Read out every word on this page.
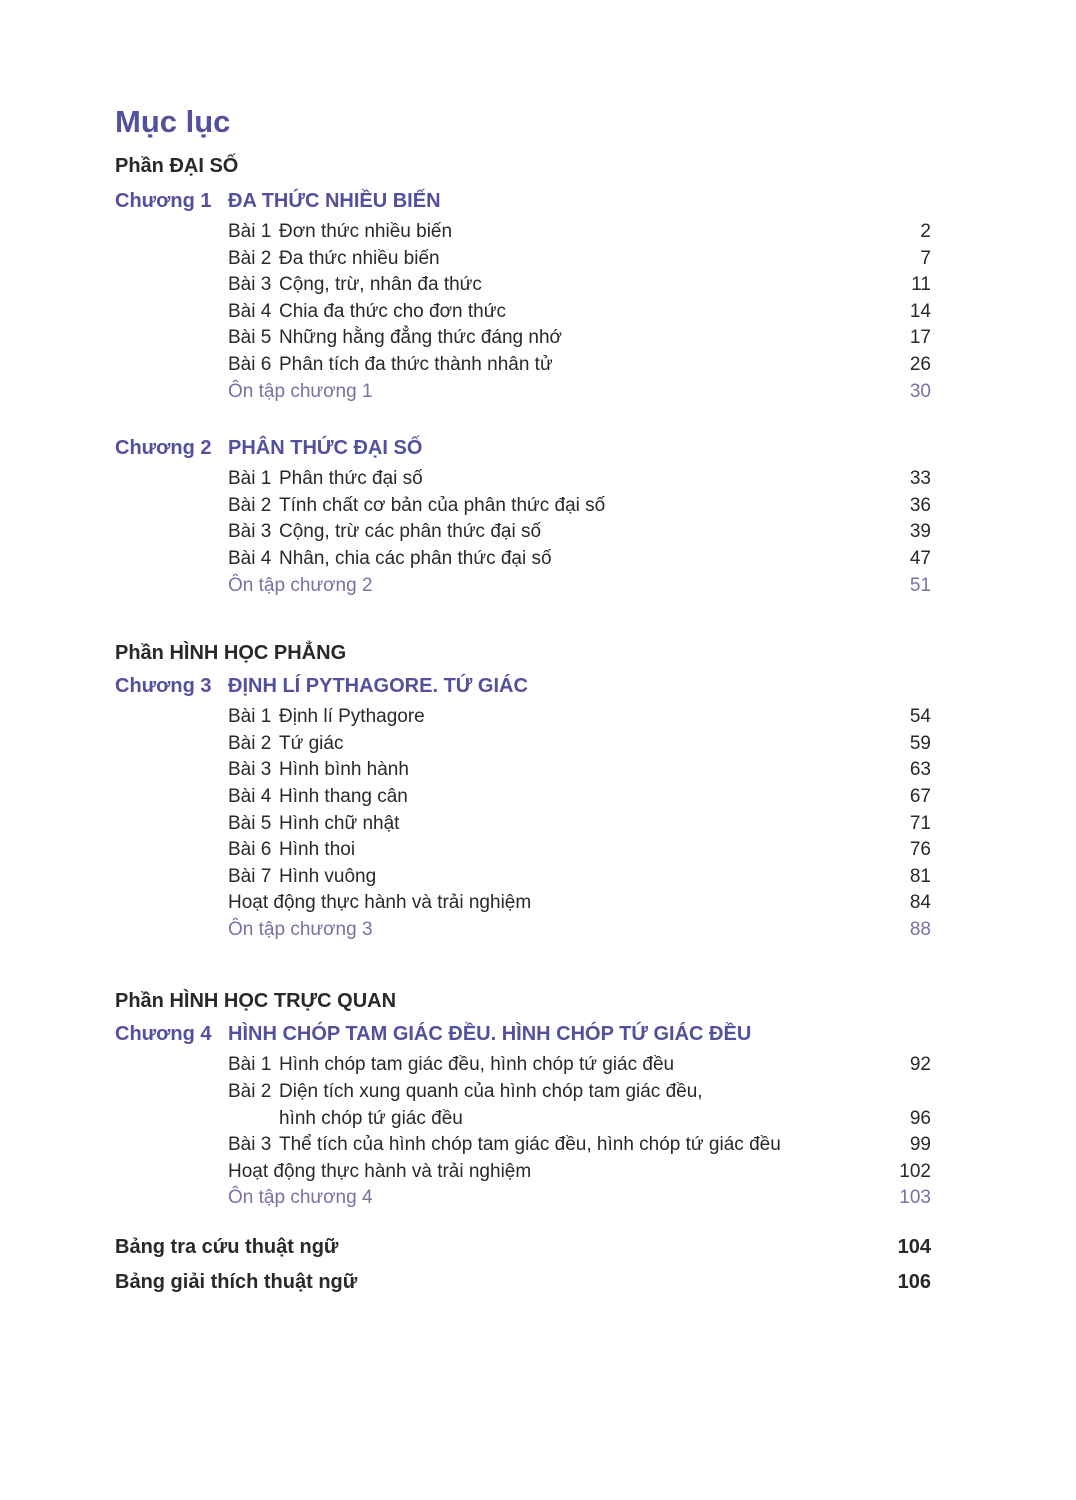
Mục lục
Phần ĐẠI SỐ
Chương 1 ĐA THỨC NHIỀU BIẾN
Bài 1 Đơn thức nhiều biến	2
Bài 2 Đa thức nhiều biến	7
Bài 3 Cộng, trừ, nhân đa thức	11
Bài 4 Chia đa thức cho đơn thức	14
Bài 5 Những hằng đẳng thức đáng nhớ	17
Bài 6 Phân tích đa thức thành nhân tử	26
Ôn tập chương 1	30
Chương 2 PHÂN THỨC ĐẠI SỐ
Bài 1 Phân thức đại số	33
Bài 2 Tính chất cơ bản của phân thức đại số	36
Bài 3 Cộng, trừ các phân thức đại số	39
Bài 4 Nhân, chia các phân thức đại số	47
Ôn tập chương 2	51
Phần HÌNH HỌC PHẲNG
Chương 3 ĐỊNH LÍ PYTHAGORE. TỨ GIÁC
Bài 1 Định lí Pythagore	54
Bài 2 Tứ giác	59
Bài 3 Hình bình hành	63
Bài 4 Hình thang cân	67
Bài 5 Hình chữ nhật	71
Bài 6 Hình thoi	76
Bài 7 Hình vuông	81
Hoạt động thực hành và trải nghiệm	84
Ôn tập chương 3	88
Phần HÌNH HỌC TRỰC QUAN
Chương 4 HÌNH CHÓP TAM GIÁC ĐỀU. HÌNH CHÓP TỨ GIÁC ĐỀU
Bài 1 Hình chóp tam giác đều, hình chóp tứ giác đều	92
Bài 2 Diện tích xung quanh của hình chóp tam giác đều,
hình chóp tứ giác đều	96
Bài 3 Thể tích của hình chóp tam giác đều, hình chóp tứ giác đều	99
Hoạt động thực hành và trải nghiệm	102
Ôn tập chương 4	103
Bảng tra cứu thuật ngữ	104
Bảng giải thích thuật ngữ	106
